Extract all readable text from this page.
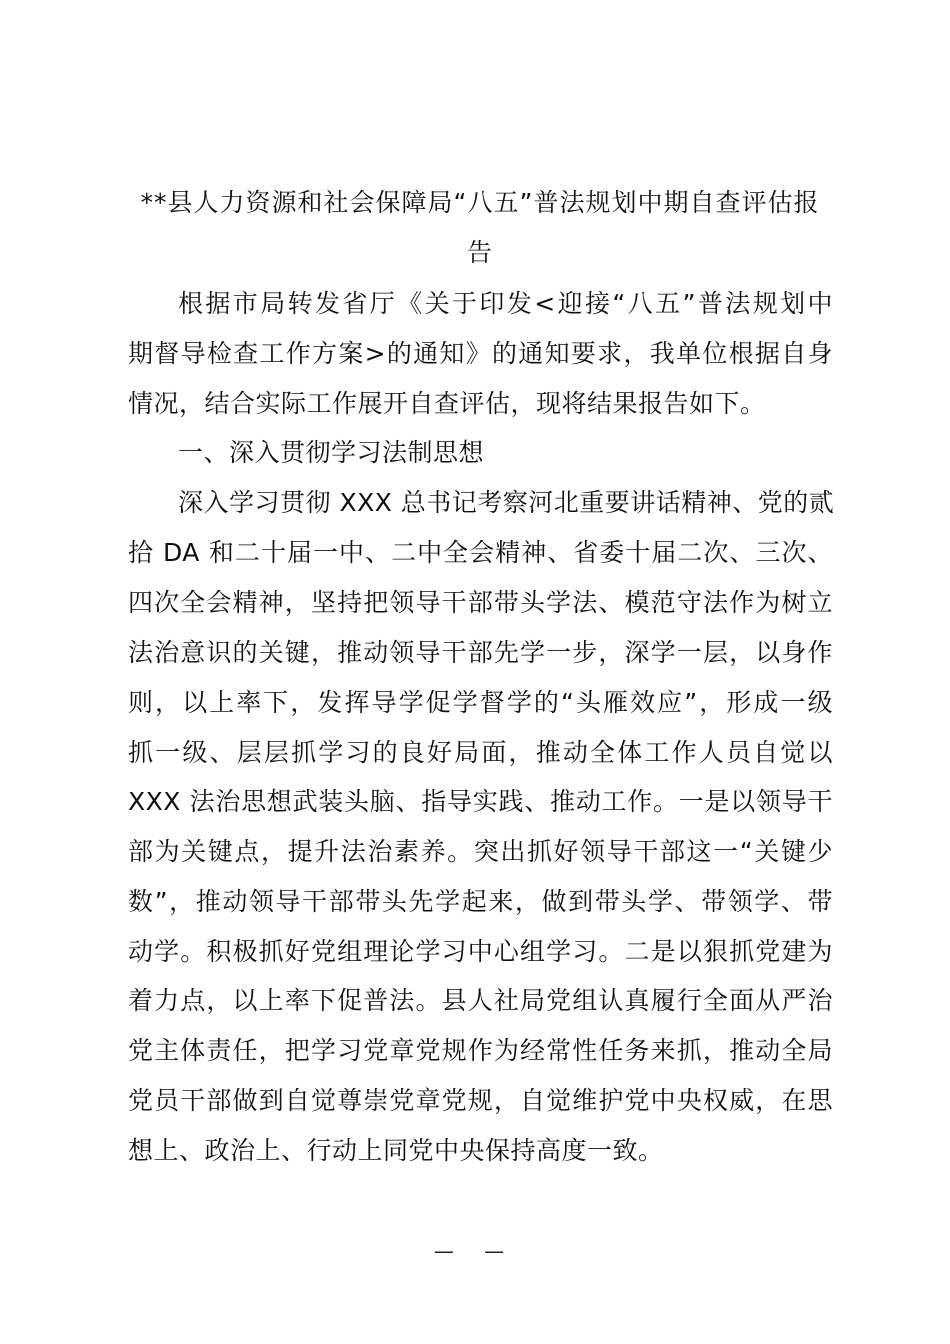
**县人力资源和社会保障局“八五”普法规划中期自查评估报
告
根据市局转发省厅《关于印发<迎接“八五”普法规划中
期督导检查工作方案>的通知》的通知要求，我单位根据自身
情况，结合实际工作展开自查评估，现将结果报告如下。
一、深入贯彻学习法制思想
深入学习贯彻 XXX 总书记考察河北重要讲话精神、党的贰
拾 DA 和二十届一中、二中全会精神、省委十届二次、三次、
四次全会精神，坚持把领导干部带头学法、模范守法作为树立
法治意识的关键，推动领导干部先学一步，深学一层，以身作
则，以上率下，发挥导学促学督学的“头雁效应”，形成一级
抓一级、层层抓学习的良好局面，推动全体工作人员自觉以
XXX 法治思想武装头脑、指导实践、推动工作。一是以领导干
部为关键点，提升法治素养。突出抓好领导干部这一“关键少
数”，推动领导干部带头先学起来，做到带头学、带领学、带
动学。积极抓好党组理论学习中心组学习。二是以狠抓党建为
着力点，以上率下促普法。县人社局党组认真履行全面从严治
党主体责任，把学习党章党规作为经常性任务来抓，推动全局
党员干部做到自觉尊崇党章党规，自觉维护党中央权威，在思
想上、政治上、行动上同党中央保持高度一致。
— —
